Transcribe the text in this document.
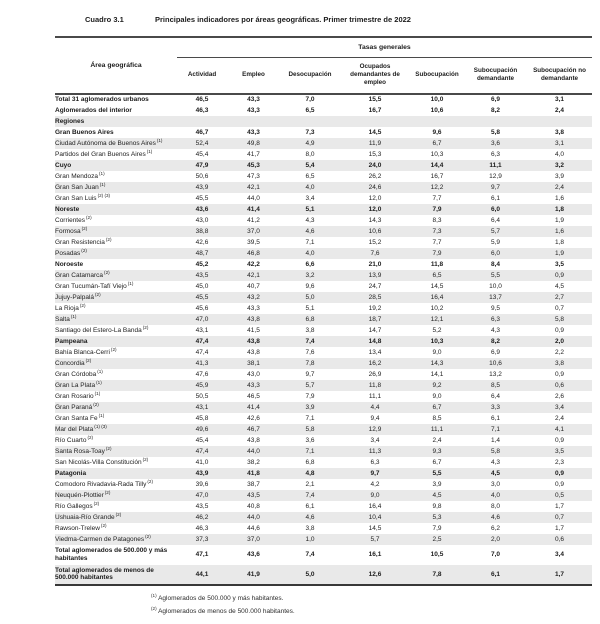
Cuadro 3.1	Principales indicadores por áreas geográficas. Primer trimestre de 2022
Área geográfica	Tasas generales						
	Actividad	Empleo	Desocupación	Ocupados demandantes de empleo	Subocupación	Subocupación demandante	Subocupación no demandante
Total 31 aglomerados urbanos	46,5	43,3	7,0	15,5	10,0	6,9	3,1
Aglomerados del interior	46,3	43,3	6,5	16,7	10,6	8,2	2,4
Regiones							
Gran Buenos Aires	46,7	43,3	7,3	14,5	9,6	5,8	3,8
Ciudad Autónoma de Buenos Aires$^{(1)}$	52,4	49,8	4,9	11,9	6,7	3,6	3,1
Partidos del Gran Buenos Aires$^{(1)}$	45,4	41,7	8,0	15,3	10,3	6,3	4,0
Cuyo	47,9	45,3	5,4	24,0	14,4	11,1	3,2
Gran Mendoza$^{(1)}$	50,6	47,3	6,5	26,2	16,7	12,9	3,9
Gran San Juan$^{(1)}$	43,9	42,1	4,0	24,6	12,2	9,7	2,4
Gran San Luis$^{(2) (3)}$	45,5	44,0	3,4	12,0	7,7	6,1	1,6
Noreste	43,6	41,4	5,1	12,0	7,9	6,0	1,8
Corrientes$^{(2)}$	43,0	41,2	4,3	14,3	8,3	6,4	1,9
Formosa$^{(2)}$	38,8	37,0	4,6	10,6	7,3	5,7	1,6
Gran Resistencia$^{(2)}$	42,6	39,5	7,1	15,2	7,7	5,9	1,8
Posadas$^{(2)}$	48,7	46,8	4,0	7,6	7,9	6,0	1,9
Noroeste	45,2	42,2	6,6	21,0	11,8	8,4	3,5
Gran Catamarca$^{(2)}$	43,5	42,1	3,2	13,9	6,5	5,5	0,9
Gran Tucumán-Tafí Viejo$^{(1)}$	45,0	40,7	9,6	24,7	14,5	10,0	4,5
Jujuy-Palpalá$^{(2)}$	45,5	43,2	5,0	28,5	16,4	13,7	2,7
La Rioja$^{(2)}$	45,6	43,3	5,1	19,2	10,2	9,5	0,7
Salta$^{(1)}$	47,0	43,8	6,8	18,7	12,1	6,3	5,8
Santiago del Estero-La Banda$^{(2)}$	43,1	41,5	3,8	14,7	5,2	4,3	0,9
Pampeana	47,4	43,8	7,4	14,8	10,3	8,2	2,0
Bahía Blanca-Cerri$^{(2)}$	47,4	43,8	7,6	13,4	9,0	6,9	2,2
Concordia$^{(2)}$	41,3	38,1	7,8	16,2	14,3	10,6	3,8
Gran Córdoba$^{(1)}$	47,6	43,0	9,7	26,9	14,1	13,2	0,9
Gran La Plata$^{(1)}$	45,9	43,3	5,7	11,8	9,2	8,5	0,6
Gran Rosario$^{(1)}$	50,5	46,5	7,9	11,1	9,0	6,4	2,6
Gran Paraná$^{(2)}$	43,1	41,4	3,9	4,4	6,7	3,3	3,4
Gran Santa Fe$^{(1)}$	45,8	42,6	7,1	9,4	8,5	6,1	2,4
Mar del Plata$^{(1) (3)}$	49,6	46,7	5,8	12,9	11,1	7,1	4,1
Río Cuarto$^{(2)}$	45,4	43,8	3,6	3,4	2,4	1,4	0,9
Santa Rosa-Toay$^{(2)}$	47,4	44,0	7,1	11,3	9,3	5,8	3,5
San Nicolás-Villa Constitución$^{(2)}$	41,0	38,2	6,8	6,3	6,7	4,3	2,3
Patagonia	43,9	41,8	4,8	9,7	5,5	4,5	0,9
Comodoro Rivadavia-Rada Tilly$^{(2)}$	39,6	38,7	2,1	4,2	3,9	3,0	0,9
Neuquén-Plottier$^{(2)}$	47,0	43,5	7,4	9,0	4,5	4,0	0,5
Río Gallegos$^{(2)}$	43,5	40,8	6,1	16,4	9,8	8,0	1,7
Ushuaia-Río Grande$^{(2)}$	46,2	44,0	4,6	10,4	5,3	4,6	0,7
Rawson-Trelew$^{(2)}$	46,3	44,6	3,8	14,5	7,9	6,2	1,7
Viedma-Carmen de Patagones$^{(2)}$	37,3	37,0	1,0	5,7	2,5	2,0	0,6
Total aglomerados de 500.000 y más habitantes	47,1	43,6	7,4	16,1	10,5	7,0	3,4
Total aglomerados de menos de 500.000 habitantes	44,1	41,9	5,0	12,6	7,8	6,1	1,7
$^{(1)}$ Aglomerados de 500.000 y más habitantes.
$^{(2)}$ Aglomerados de menos de 500.000 habitantes.
